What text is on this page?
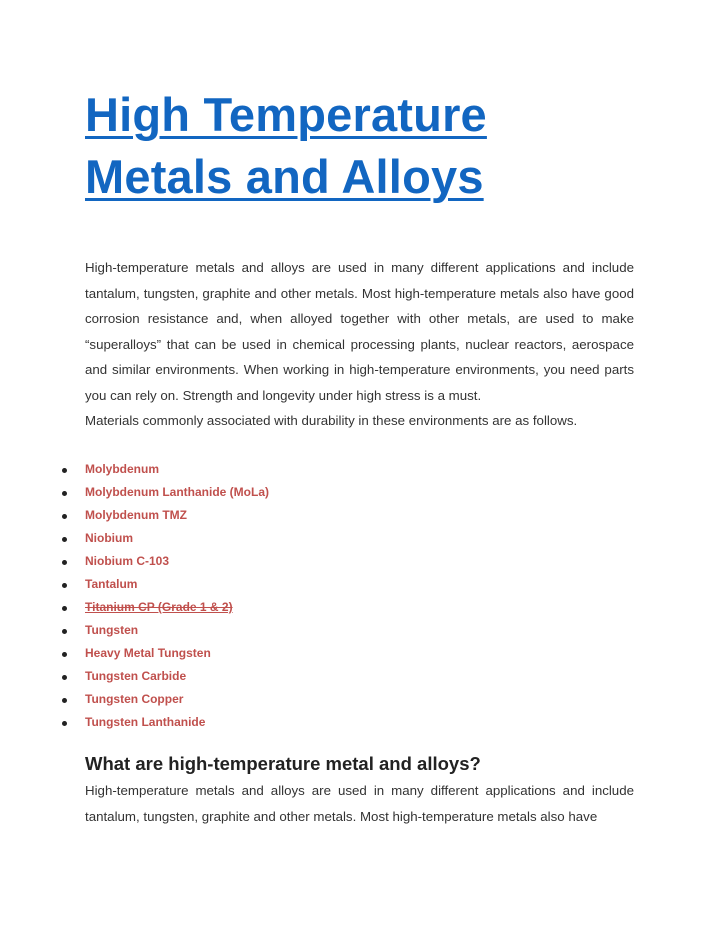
High Temperature
Metals and Alloys

High-temperature metals and alloys are used in many different applications and include tantalum, tungsten, graphite and other metals. Most high-temperature metals also have good corrosion resistance and, when alloyed together with other metals, are used to make “superalloys” that can be used in chemical processing plants, nuclear reactors, aerospace and similar environments. When working in high-temperature environments, you need parts you can rely on. Strength and longevity under high stress is a must.

Materials commonly associated with durability in these environments are as follows.

Molybdenum
Molybdenum Lanthanide (MoLa)
Molybdenum TMZ
Niobium
Niobium C-103
Tantalum
Titanium CP (Grade 1 & 2)
Tungsten
Heavy Metal Tungsten
Tungsten Carbide
Tungsten Copper
Tungsten Lanthanide
What are high-temperature metal and alloys?

High-temperature metals and alloys are used in many different applications and include tantalum, tungsten, graphite and other metals. Most high-temperature metals also have
